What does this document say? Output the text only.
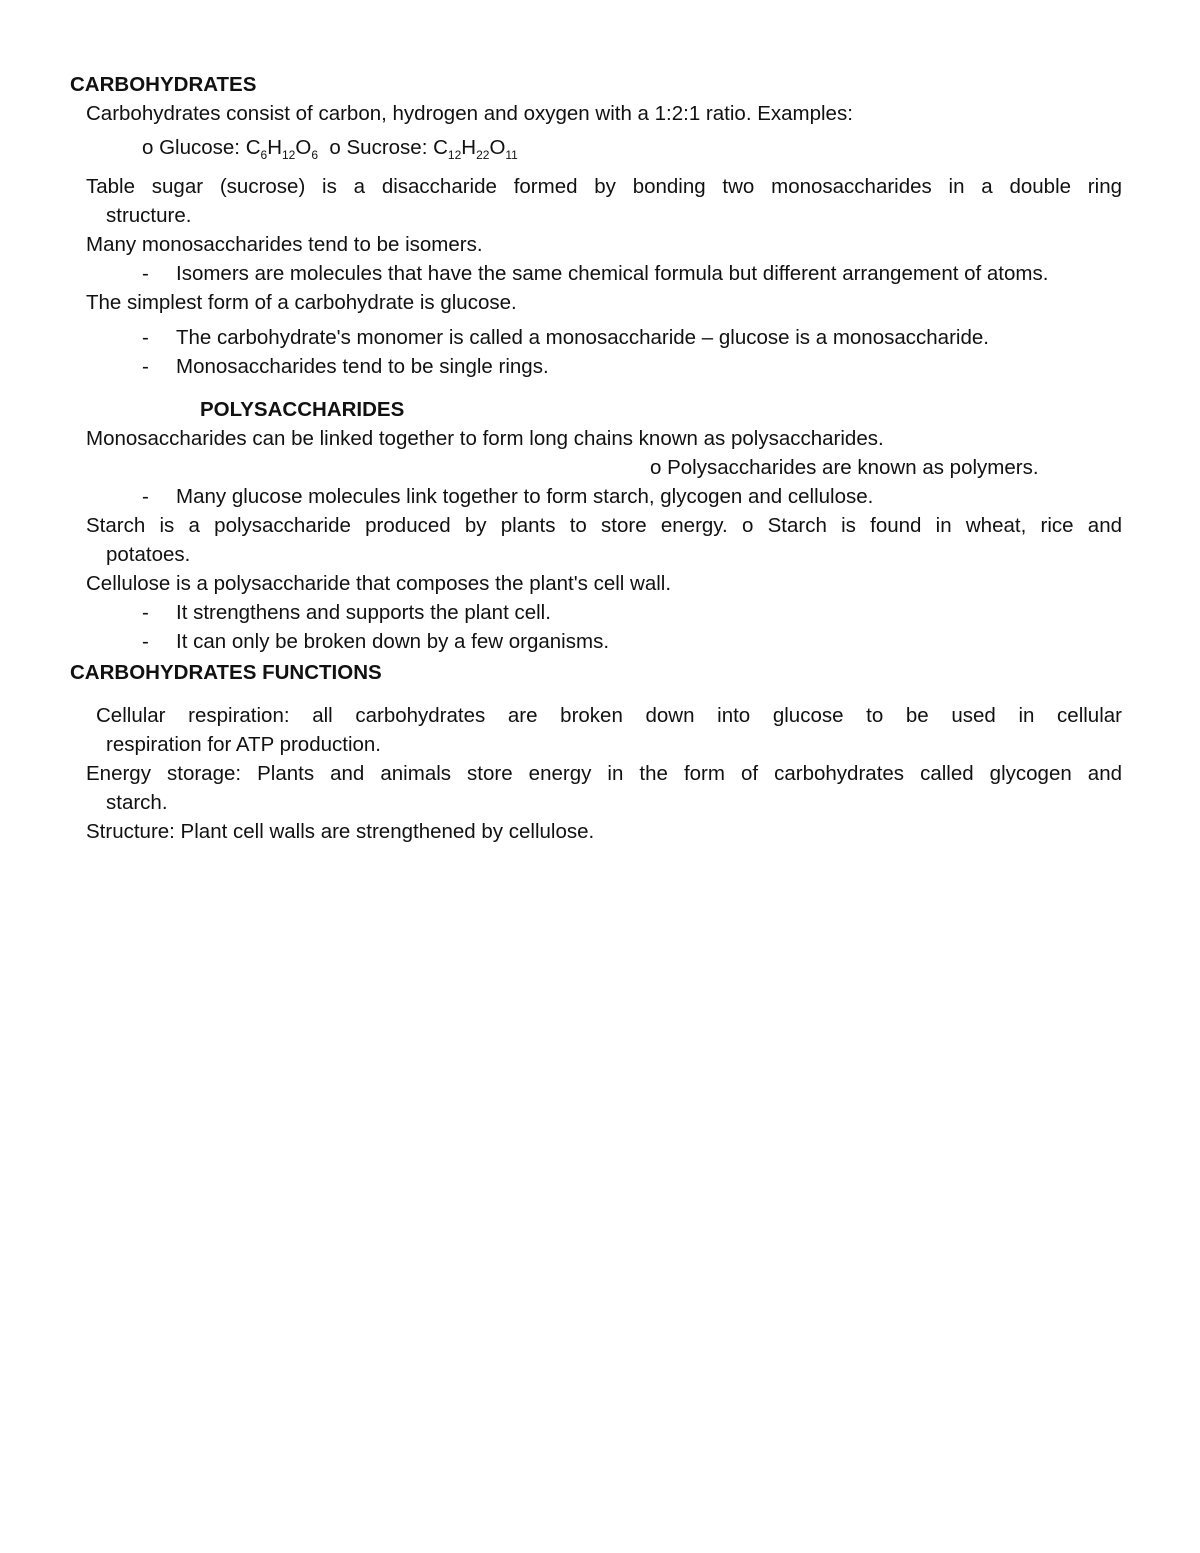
CARBOHYDRATES
Carbohydrates consist of carbon, hydrogen and oxygen with a 1:2:1 ratio. Examples:
o Glucose: $C_6H_{12}O_6$ o Sucrose: $C_{12}H_{22}O_{11}$
Table sugar (sucrose) is a disaccharide formed by bonding two monosaccharides in a double ring
structure.
Many monosaccharides tend to be isomers.
-	Isomers are molecules that have the same chemical formula but different arrangement of atoms.
The simplest form of a carbohydrate is glucose.
-	The carbohydrate's monomer is called a monosaccharide – glucose is a monosaccharide.
-	Monosaccharides tend to be single rings.
POLYSACCHARIDES
Monosaccharides can be linked together to form long chains known as polysaccharides.
o Polysaccharides are known as polymers.
-	Many glucose molecules link together to form starch, glycogen and cellulose.
Starch is a polysaccharide produced by plants to store energy. o Starch is found in wheat, rice and
potatoes.
Cellulose is a polysaccharide that composes the plant's cell wall.
-	It strengthens and supports the plant cell.
-	It can only be broken down by a few organisms.
CARBOHYDRATES FUNCTIONS
Cellular respiration: all carbohydrates are broken down into glucose to be used in cellular
respiration for ATP production.
Energy storage: Plants and animals store energy in the form of carbohydrates called glycogen and
starch.
Structure: Plant cell walls are strengthened by cellulose.
